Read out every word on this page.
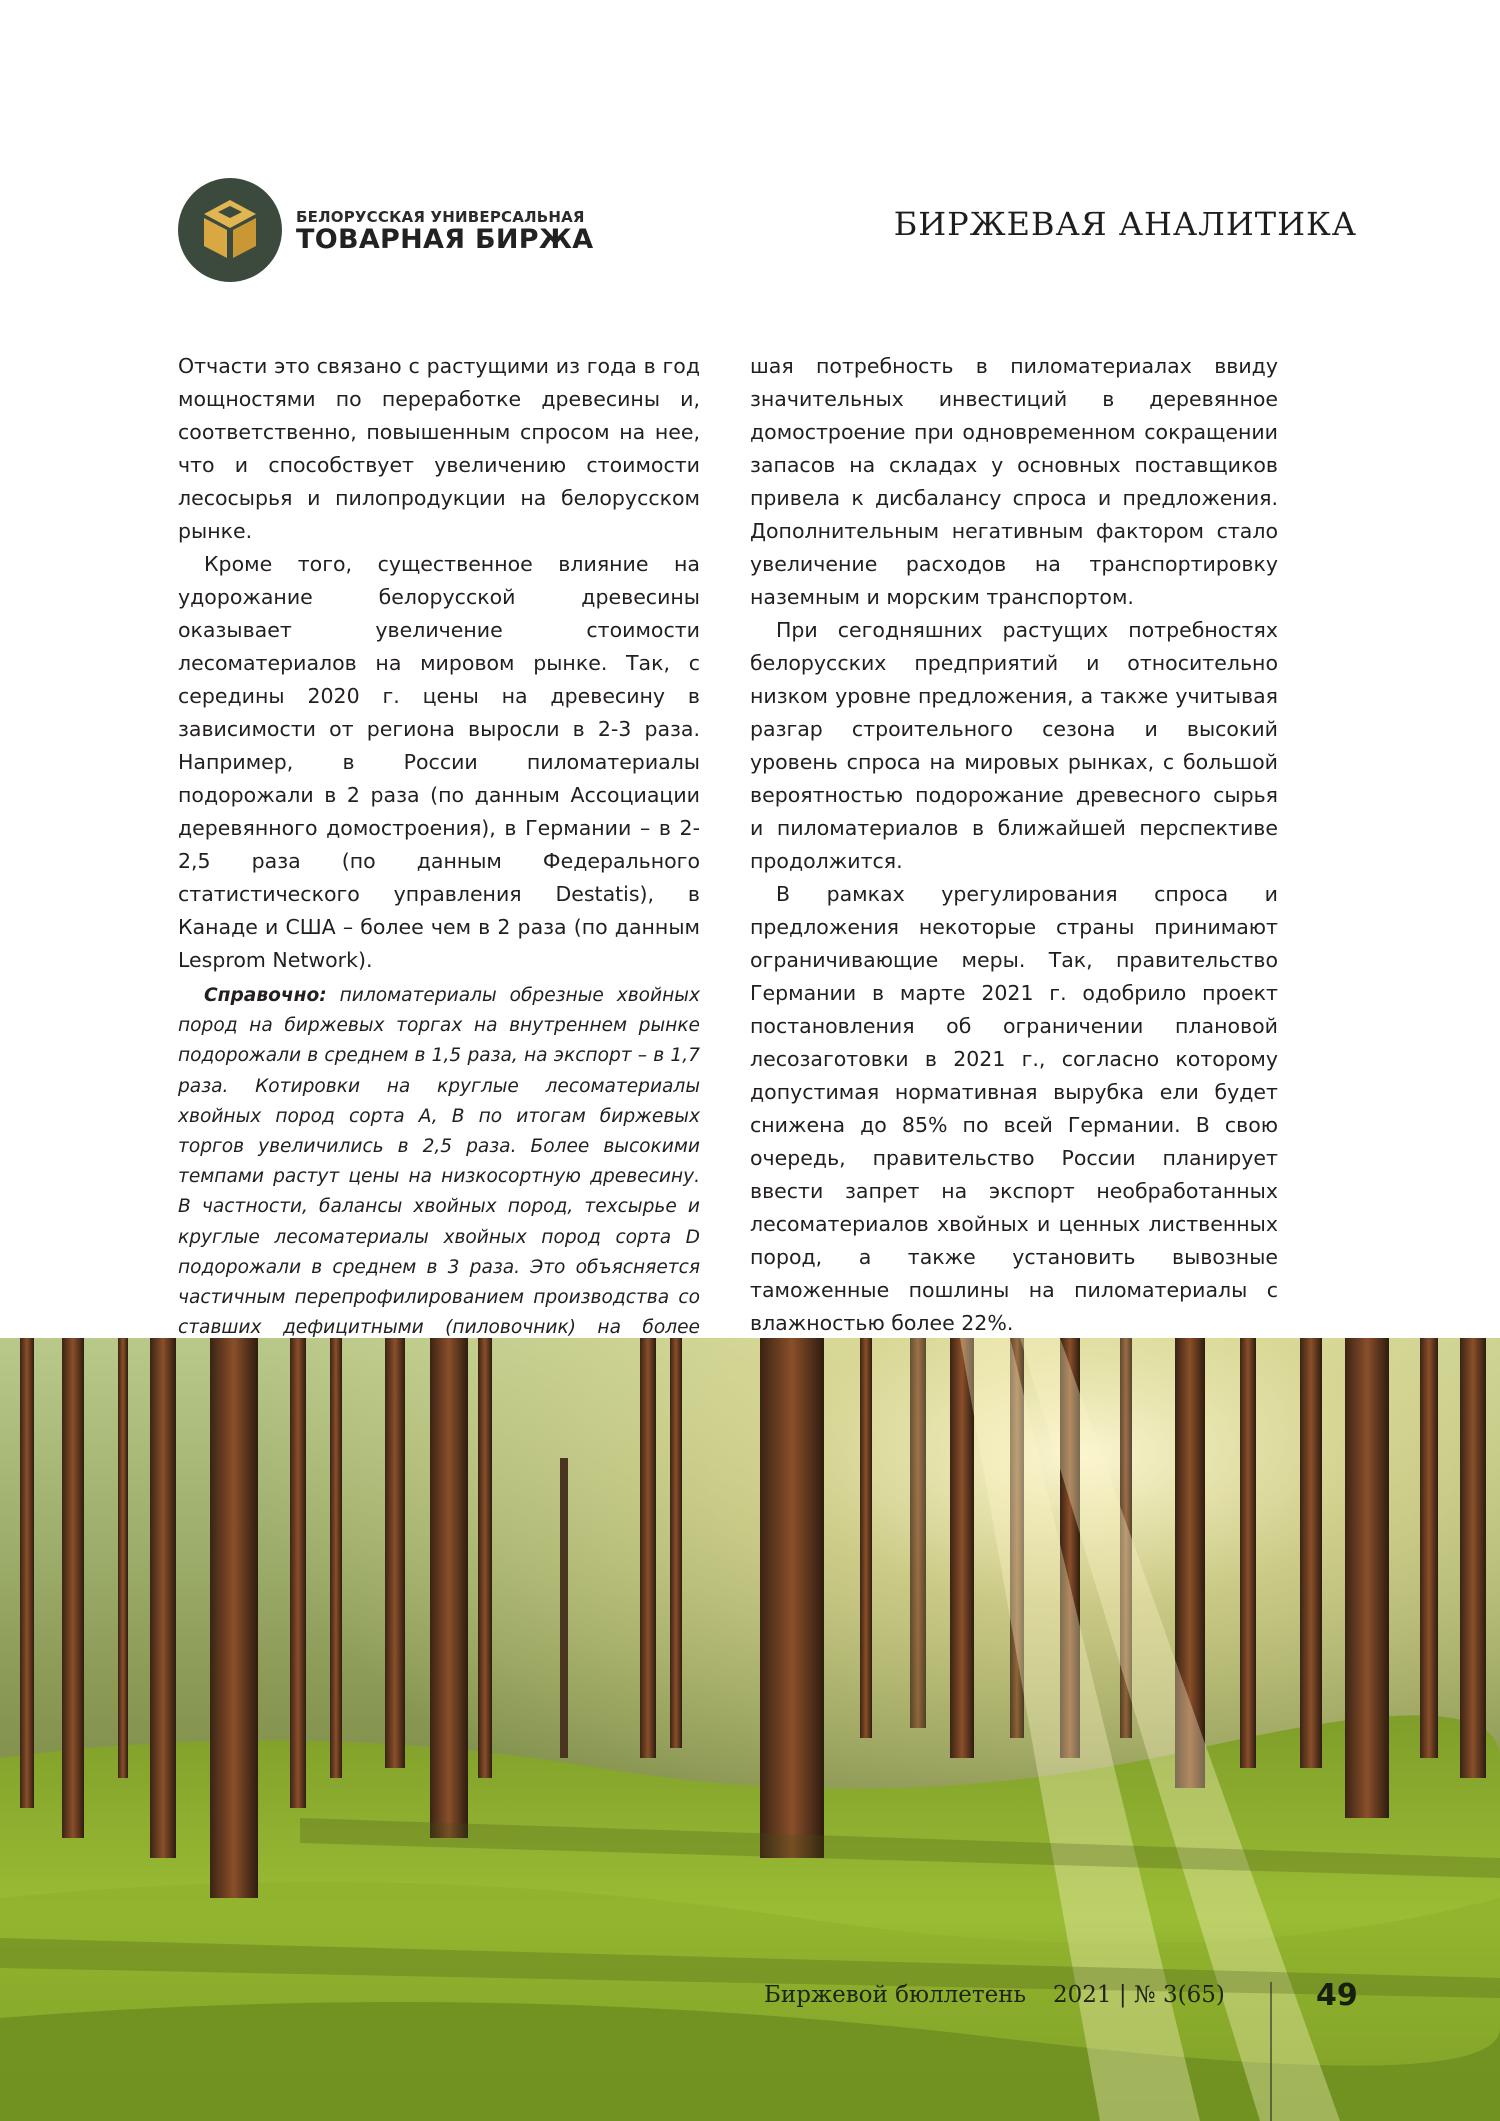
БЕЛОРУССКАЯ УНИВЕРСАЛЬНАЯ
ТОВАРНАЯ БИРЖА	БИРЖЕВАЯ АНАЛИТИКА

Отчасти это связано с растущими из года в год мощностями по переработке древесины и, соответственно, повышенным спросом на нее, что и способствует увеличению стоимости лесосырья и пилопродукции на белорусском рынке.

Кроме того, существенное влияние на удорожание белорусской древесины оказывает увеличение стоимости лесоматериалов на мировом рынке. Так, с середины 2020 г. цены на древесину в зависимости от региона выросли в 2-3 раза. Например, в России пиломатериалы подорожали в 2 раза (по данным Ассоциации деревянного домостроения), в Германии – в 2-2,5 раза (по данным Федерального статистического управления Destatis), в Канаде и США – более чем в 2 раза (по данным Lesprom Network).

Справочно: пиломатериалы обрезные хвойных пород на биржевых торгах на внутреннем рынке подорожали в среднем в 1,5 раза, на экспорт – в 1,7 раза. Котировки на круглые лесоматериалы хвойных пород сорта A, B по итогам биржевых торгов увеличились в 2,5 раза. Более высокими темпами растут цены на низкосортную древесину. В частности, балансы хвойных пород, техсырье и круглые лесоматериалы хвойных пород сорта D подорожали в среднем в 3 раза. Это объясняется частичным перепрофилированием производства со ставших дефицитными (пиловочник) на более

шая потребность в пиломатериалах ввиду значительных инвестиций в деревянное домостроение при одновременном сокращении запасов на складах у основных поставщиков привела к дисбалансу спроса и предложения. Дополнительным негативным фактором стало увеличение расходов на транспортировку наземным и морским транспортом.

При сегодняшних растущих потребностях белорусских предприятий и относительно низком уровне предложения, а также учитывая разгар строительного сезона и высокий уровень спроса на мировых рынках, с большой вероятностью подорожание древесного сырья и пиломатериалов в ближайшей перспективе продолжится.

В рамках урегулирования спроса и предложения некоторые страны принимают ограничивающие меры. Так, правительство Германии в марте 2021 г. одобрило проект постановления об ограничении плановой лесозаготовки в 2021 г., согласно которому допустимая нормативная вырубка ели будет снижена до 85% по всей Германии. В свою очередь, правительство России планирует ввести запрет на экспорт необработанных лесоматериалов хвойных и ценных лиственных пород, а также установить вывозные таможенные пошлины на пиломатериалы с влажностью более 22%.

Биржевой бюллетень 2021 | № 3(65)	49
